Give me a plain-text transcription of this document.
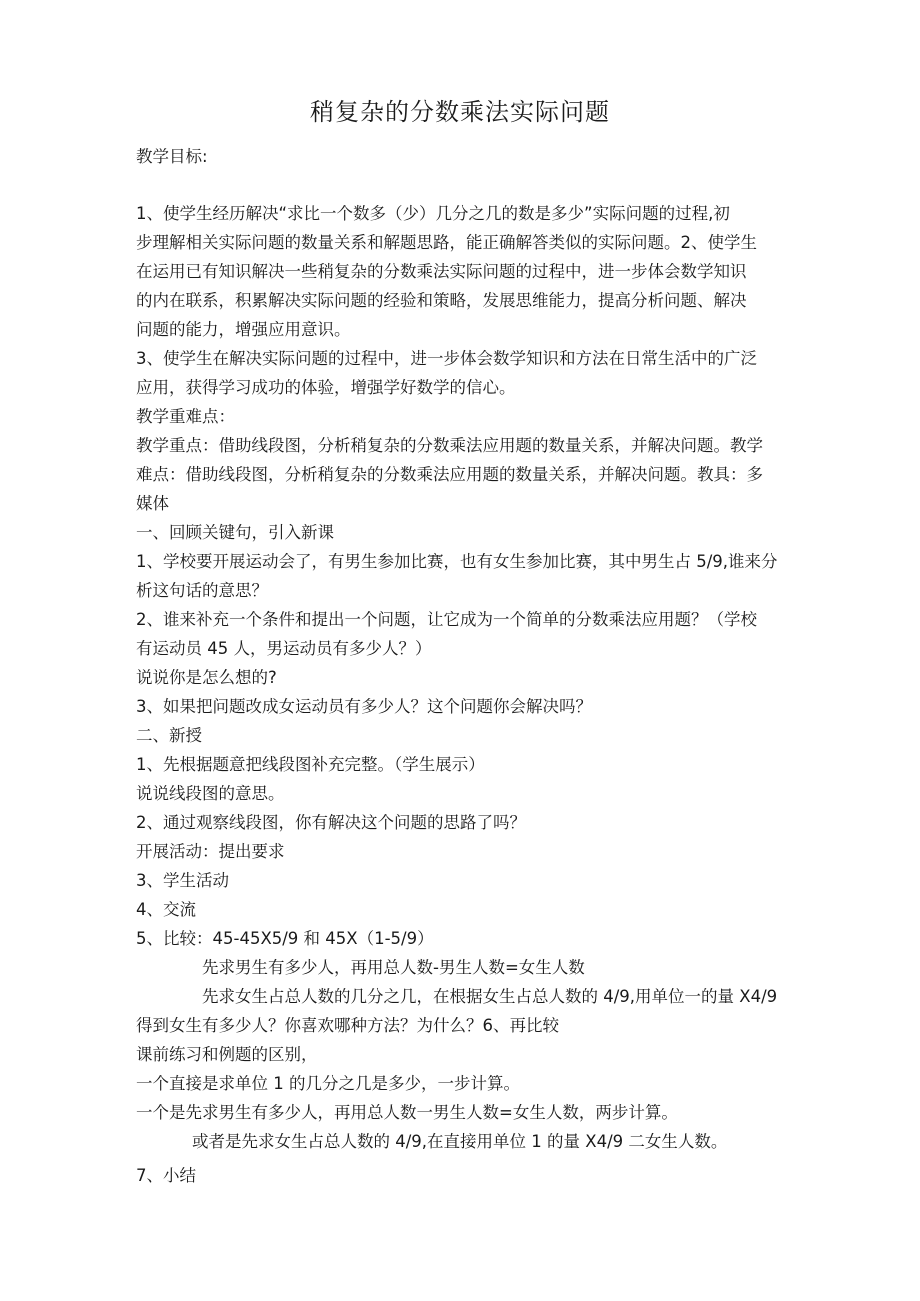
稍复杂的分数乘法实际问题
教学目标:
1、使学生经历解决“求比一个数多（少）几分之几的数是多少”实际问题的过程,初
步理解相关实际问题的数量关系和解题思路，能正确解答类似的实际问题。2、使学生
在运用已有知识解决一些稍复杂的分数乘法实际问题的过程中，进一步体会数学知识
的内在联系，积累解决实际问题的经验和策略，发展思维能力，提高分析问题、解决
问题的能力，增强应用意识。
3、使学生在解决实际问题的过程中，进一步体会数学知识和方法在日常生活中的广泛
应用，获得学习成功的体验，增强学好数学的信心。
教学重难点：
教学重点：借助线段图，分析稍复杂的分数乘法应用题的数量关系，并解决问题。教学
难点：借助线段图，分析稍复杂的分数乘法应用题的数量关系，并解决问题。教具：多
媒体
一、回顾关键句，引入新课
1、学校要开展运动会了，有男生参加比赛，也有女生参加比赛，其中男生占 5/9,谁来分
析这句话的意思？
2、谁来补充一个条件和提出一个问题，让它成为一个简单的分数乘法应用题？（学校
有运动员 45 人，男运动员有多少人？）
说说你是怎么想的?
3、如果把问题改成女运动员有多少人？这个问题你会解决吗？
二、新授
1、先根据题意把线段图补充完整。（学生展示）
说说线段图的意思。
2、通过观察线段图，你有解决这个问题的思路了吗？
开展活动：提出要求
3、学生活动
4、交流
5、比较：45-45X5/9 和 45X（1-5/9）
先求男生有多少人，再用总人数-男生人数=女生人数
先求女生占总人数的几分之几，在根据女生占总人数的 4/9,用单位一的量 X4/9
得到女生有多少人？你喜欢哪种方法？为什么？6、再比较
课前练习和例题的区别，
一个直接是求单位 1 的几分之几是多少，一步计算。
一个是先求男生有多少人，再用总人数一男生人数=女生人数，两步计算。
或者是先求女生占总人数的 4/9,在直接用单位 1 的量 X4/9 二女生人数。
7、小结
